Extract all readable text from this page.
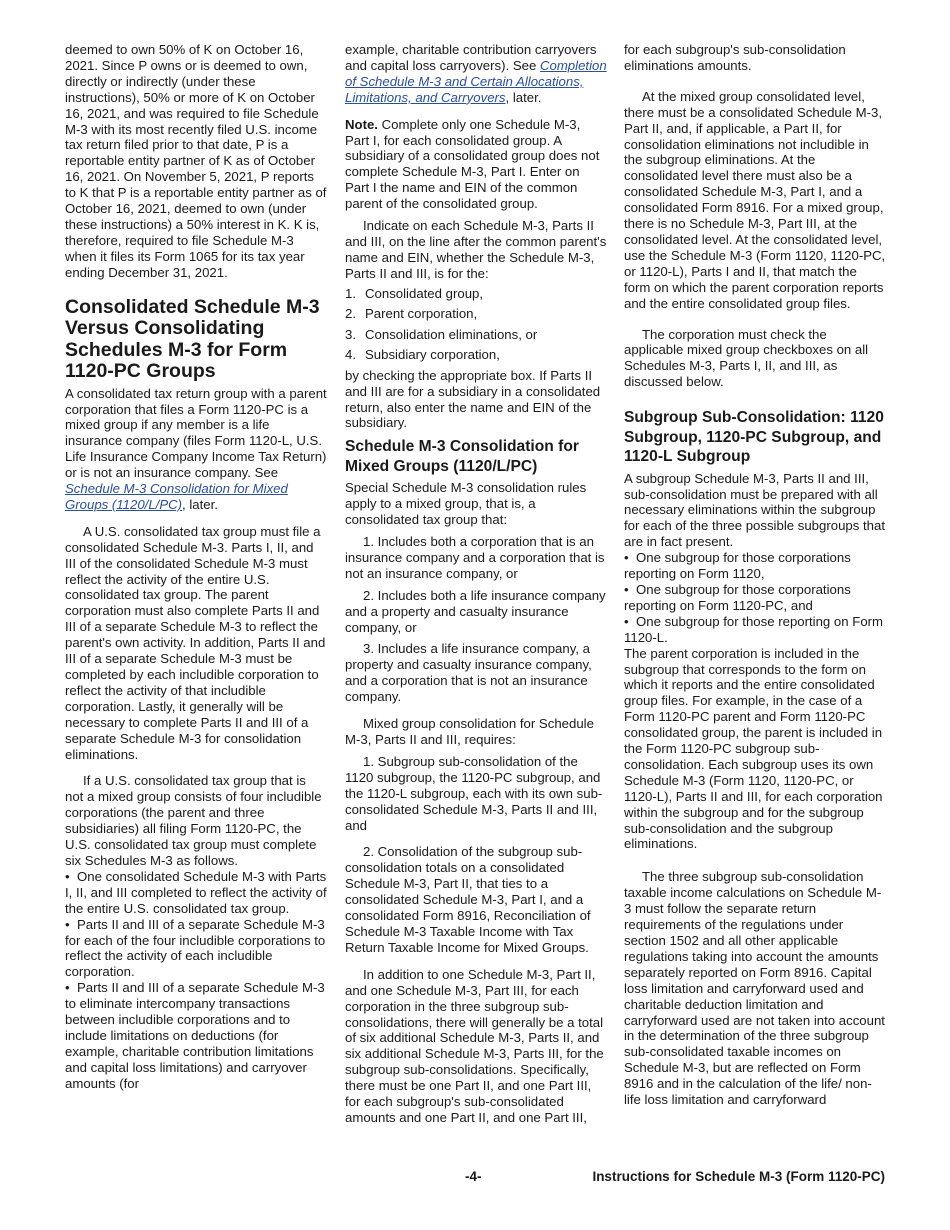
deemed to own 50% of K on October 16, 2021. Since P owns or is deemed to own, directly or indirectly (under these instructions), 50% or more of K on October 16, 2021, and was required to file Schedule M-3 with its most recently filed U.S. income tax return filed prior to that date, P is a reportable entity partner of K as of October 16, 2021. On November 5, 2021, P reports to K that P is a reportable entity partner as of October 16, 2021, deemed to own (under these instructions) a 50% interest in K. K is, therefore, required to file Schedule M-3 when it files its Form 1065 for its tax year ending December 31, 2021.

Consolidated Schedule M-3 Versus Consolidating Schedules M-3 for Form 1120-PC Groups

A consolidated tax return group with a parent corporation that files a Form 1120-PC is a mixed group if any member is a life insurance company (files Form 1120-L, U.S. Life Insurance Company Income Tax Return) or is not an insurance company. See Schedule M-3 Consolidation for Mixed Groups (1120/L/PC), later.

A U.S. consolidated tax group must file a consolidated Schedule M-3. Parts I, II, and III of the consolidated Schedule M-3 must reflect the activity of the entire U.S. consolidated tax group. The parent corporation must also complete Parts II and III of a separate Schedule M-3 to reflect the parent's own activity. In addition, Parts II and III of a separate Schedule M-3 must be completed by each includible corporation to reflect the activity of that includible corporation. Lastly, it generally will be necessary to complete Parts II and III of a separate Schedule M-3 for consolidation eliminations.

If a U.S. consolidated tax group that is not a mixed group consists of four includible corporations (the parent and three subsidiaries) all filing Form 1120-PC, the U.S. consolidated tax group must complete six Schedules M-3 as follows.

• One consolidated Schedule M-3 with Parts I, II, and III completed to reflect the activity of the entire U.S. consolidated tax group.

• Parts II and III of a separate Schedule M-3 for each of the four includible corporations to reflect the activity of each includible corporation.

• Parts II and III of a separate Schedule M-3 to eliminate intercompany transactions between includible corporations and to include limitations on deductions (for example, charitable contribution limitations and capital loss limitations) and carryover amounts (for

example, charitable contribution carryovers and capital loss carryovers). See Completion of Schedule M-3 and Certain Allocations, Limitations, and Carryovers, later.

Note. Complete only one Schedule M-3, Part I, for each consolidated group. A subsidiary of a consolidated group does not complete Schedule M-3, Part I. Enter on Part I the name and EIN of the common parent of the consolidated group.

Indicate on each Schedule M-3, Parts II and III, on the line after the common parent's name and EIN, whether the Schedule M-3, Parts II and III, is for the:

1. Consolidated group,
2. Parent corporation,
3. Consolidation eliminations, or
4. Subsidiary corporation,

by checking the appropriate box. If Parts II and III are for a subsidiary in a consolidated return, also enter the name and EIN of the subsidiary.

Schedule M-3 Consolidation for Mixed Groups (1120/L/PC)

Special Schedule M-3 consolidation rules apply to a mixed group, that is, a consolidated tax group that:

1. Includes both a corporation that is an insurance company and a corporation that is not an insurance company, or

2. Includes both a life insurance company and a property and casualty insurance company, or

3. Includes a life insurance company, a property and casualty insurance company, and a corporation that is not an insurance company.

Mixed group consolidation for Schedule M-3, Parts II and III, requires:

1. Subgroup sub-consolidation of the 1120 subgroup, the 1120-PC subgroup, and the 1120-L subgroup, each with its own sub-consolidated Schedule M-3, Parts II and III, and

2. Consolidation of the subgroup sub-consolidation totals on a consolidated Schedule M-3, Part II, that ties to a consolidated Schedule M-3, Part I, and a consolidated Form 8916, Reconciliation of Schedule M-3 Taxable Income with Tax Return Taxable Income for Mixed Groups.

In addition to one Schedule M-3, Part II, and one Schedule M-3, Part III, for each corporation in the three subgroup sub-consolidations, there will generally be a total of six additional Schedule M-3, Parts II, and six additional Schedule M-3, Parts III, for the subgroup sub-consolidations. Specifically, there must be one Part II, and one Part III, for each subgroup's sub-consolidated amounts and one Part II, and one Part III,

for each subgroup's sub-consolidation eliminations amounts.

At the mixed group consolidated level, there must be a consolidated Schedule M-3, Part II, and, if applicable, a Part II, for consolidation eliminations not includible in the subgroup eliminations. At the consolidated level there must also be a consolidated Schedule M-3, Part I, and a consolidated Form 8916. For a mixed group, there is no Schedule M-3, Part III, at the consolidated level. At the consolidated level, use the Schedule M-3 (Form 1120, 1120-PC, or 1120-L), Parts I and II, that match the form on which the parent corporation reports and the entire consolidated group files.

The corporation must check the applicable mixed group checkboxes on all Schedules M-3, Parts I, II, and III, as discussed below.

Subgroup Sub-Consolidation: 1120 Subgroup, 1120-PC Subgroup, and 1120-L Subgroup

A subgroup Schedule M-3, Parts II and III, sub-consolidation must be prepared with all necessary eliminations within the subgroup for each of the three possible subgroups that are in fact present.

• One subgroup for those corporations reporting on Form 1120,

• One subgroup for those corporations reporting on Form 1120-PC, and

• One subgroup for those reporting on Form 1120-L.

The parent corporation is included in the subgroup that corresponds to the form on which it reports and the entire consolidated group files. For example, in the case of a Form 1120-PC parent and Form 1120-PC consolidated group, the parent is included in the Form 1120-PC subgroup sub-consolidation. Each subgroup uses its own Schedule M-3 (Form 1120, 1120-PC, or 1120-L), Parts II and III, for each corporation within the subgroup and for the subgroup sub-consolidation and the subgroup eliminations.

The three subgroup sub-consolidation taxable income calculations on Schedule M-3 must follow the separate return requirements of the regulations under section 1502 and all other applicable regulations taking into account the amounts separately reported on Form 8916. Capital loss limitation and carryforward used and charitable deduction limitation and carryforward used are not taken into account in the determination of the three subgroup sub-consolidated taxable incomes on Schedule M-3, but are reflected on Form 8916 and in the calculation of the life/ non-life loss limitation and carryforward

-4-	Instructions for Schedule M-3 (Form 1120-PC)
